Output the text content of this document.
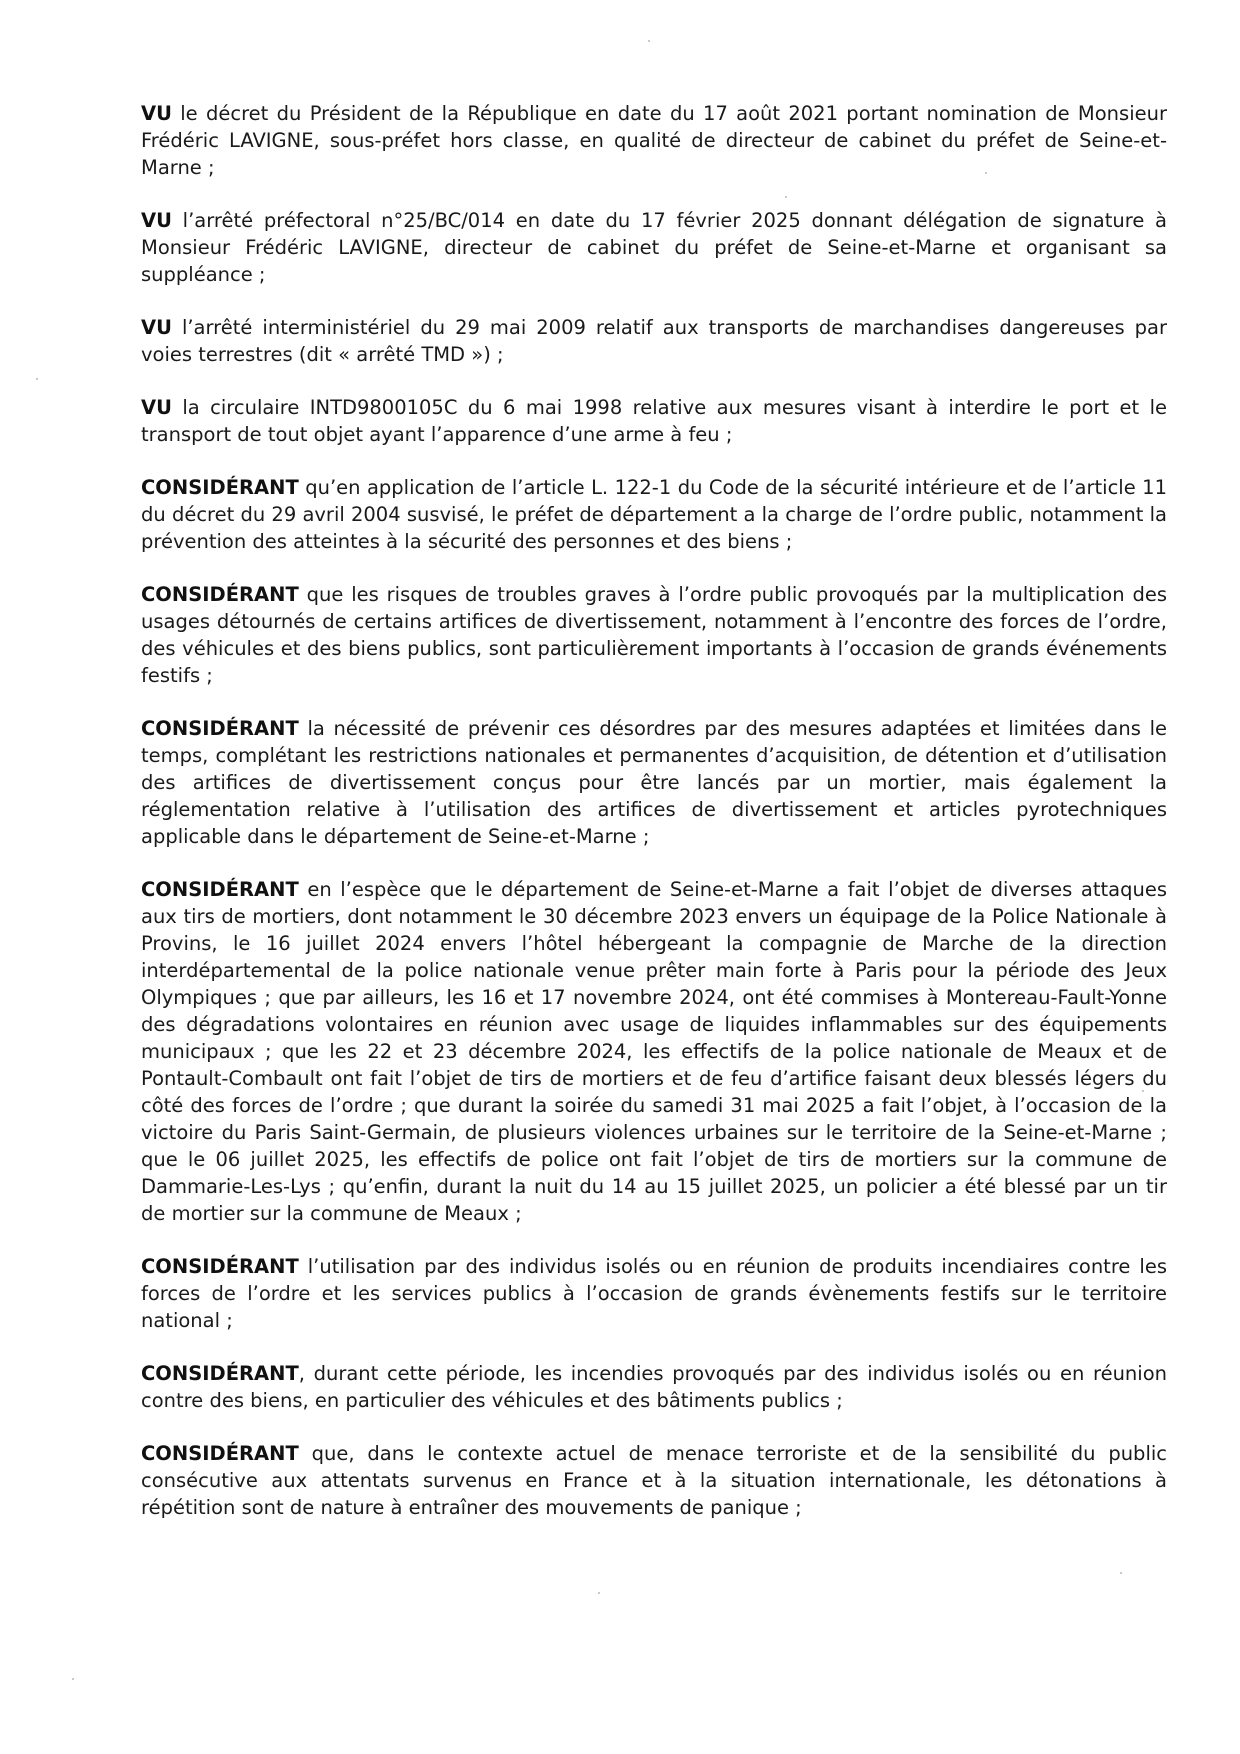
VU le décret du Président de la République en date du 17 août 2021 portant nomination de Monsieur Frédéric LAVIGNE, sous-préfet hors classe, en qualité de directeur de cabinet du préfet de Seine-et-Marne ;

VU l’arrêté préfectoral n°25/BC/014 en date du 17 février 2025 donnant délégation de signature à Monsieur Frédéric LAVIGNE, directeur de cabinet du préfet de Seine-et-Marne et organisant sa suppléance ;

VU l’arrêté interministériel du 29 mai 2009 relatif aux transports de marchandises dangereuses par voies terrestres (dit « arrêté TMD ») ;

VU la circulaire INTD9800105C du 6 mai 1998 relative aux mesures visant à interdire le port et le transport de tout objet ayant l’apparence d’une arme à feu ;

CONSIDÉRANT qu’en application de l’article L. 122-1 du Code de la sécurité intérieure et de l’article 11 du décret du 29 avril 2004 susvisé, le préfet de département a la charge de l’ordre public, notamment la prévention des atteintes à la sécurité des personnes et des biens ;

CONSIDÉRANT que les risques de troubles graves à l’ordre public provoqués par la multiplication des usages détournés de certains artifices de divertissement, notamment à l’encontre des forces de l’ordre, des véhicules et des biens publics, sont particulièrement importants à l’occasion de grands événements festifs ;

CONSIDÉRANT la nécessité de prévenir ces désordres par des mesures adaptées et limitées dans le temps, complétant les restrictions nationales et permanentes d’acquisition, de détention et d’utilisation des artifices de divertissement conçus pour être lancés par un mortier, mais également la réglementation relative à l’utilisation des artifices de divertissement et articles pyrotechniques applicable dans le département de Seine-et-Marne ;

CONSIDÉRANT en l’espèce que le département de Seine-et-Marne a fait l’objet de diverses attaques aux tirs de mortiers, dont notamment le 30 décembre 2023 envers un équipage de la Police Nationale à Provins, le 16 juillet 2024 envers l’hôtel hébergeant la compagnie de Marche de la direction interdépartemental de la police nationale venue prêter main forte à Paris pour la période des Jeux Olympiques ; que par ailleurs, les 16 et 17 novembre 2024, ont été commises à Montereau-Fault-Yonne des dégradations volontaires en réunion avec usage de liquides inflammables sur des équipements municipaux ; que les 22 et 23 décembre 2024, les effectifs de la police nationale de Meaux et de Pontault-Combault ont fait l’objet de tirs de mortiers et de feu d’artifice faisant deux blessés légers du côté des forces de l’ordre ; que durant la soirée du samedi 31 mai 2025 a fait l’objet, à l’occasion de la victoire du Paris Saint-Germain, de plusieurs violences urbaines sur le territoire de la Seine-et-Marne ; que le 06 juillet 2025, les effectifs de police ont fait l’objet de tirs de mortiers sur la commune de Dammarie-Les-Lys ; qu’enfin, durant la nuit du 14 au 15 juillet 2025, un policier a été blessé par un tir de mortier sur la commune de Meaux ;

CONSIDÉRANT l’utilisation par des individus isolés ou en réunion de produits incendiaires contre les forces de l’ordre et les services publics à l’occasion de grands évènements festifs sur le territoire national ;

CONSIDÉRANT, durant cette période, les incendies provoqués par des individus isolés ou en réunion contre des biens, en particulier des véhicules et des bâtiments publics ;

CONSIDÉRANT que, dans le contexte actuel de menace terroriste et de la sensibilité du public consécutive aux attentats survenus en France et à la situation internationale, les détonations à répétition sont de nature à entraîner des mouvements de panique ;
